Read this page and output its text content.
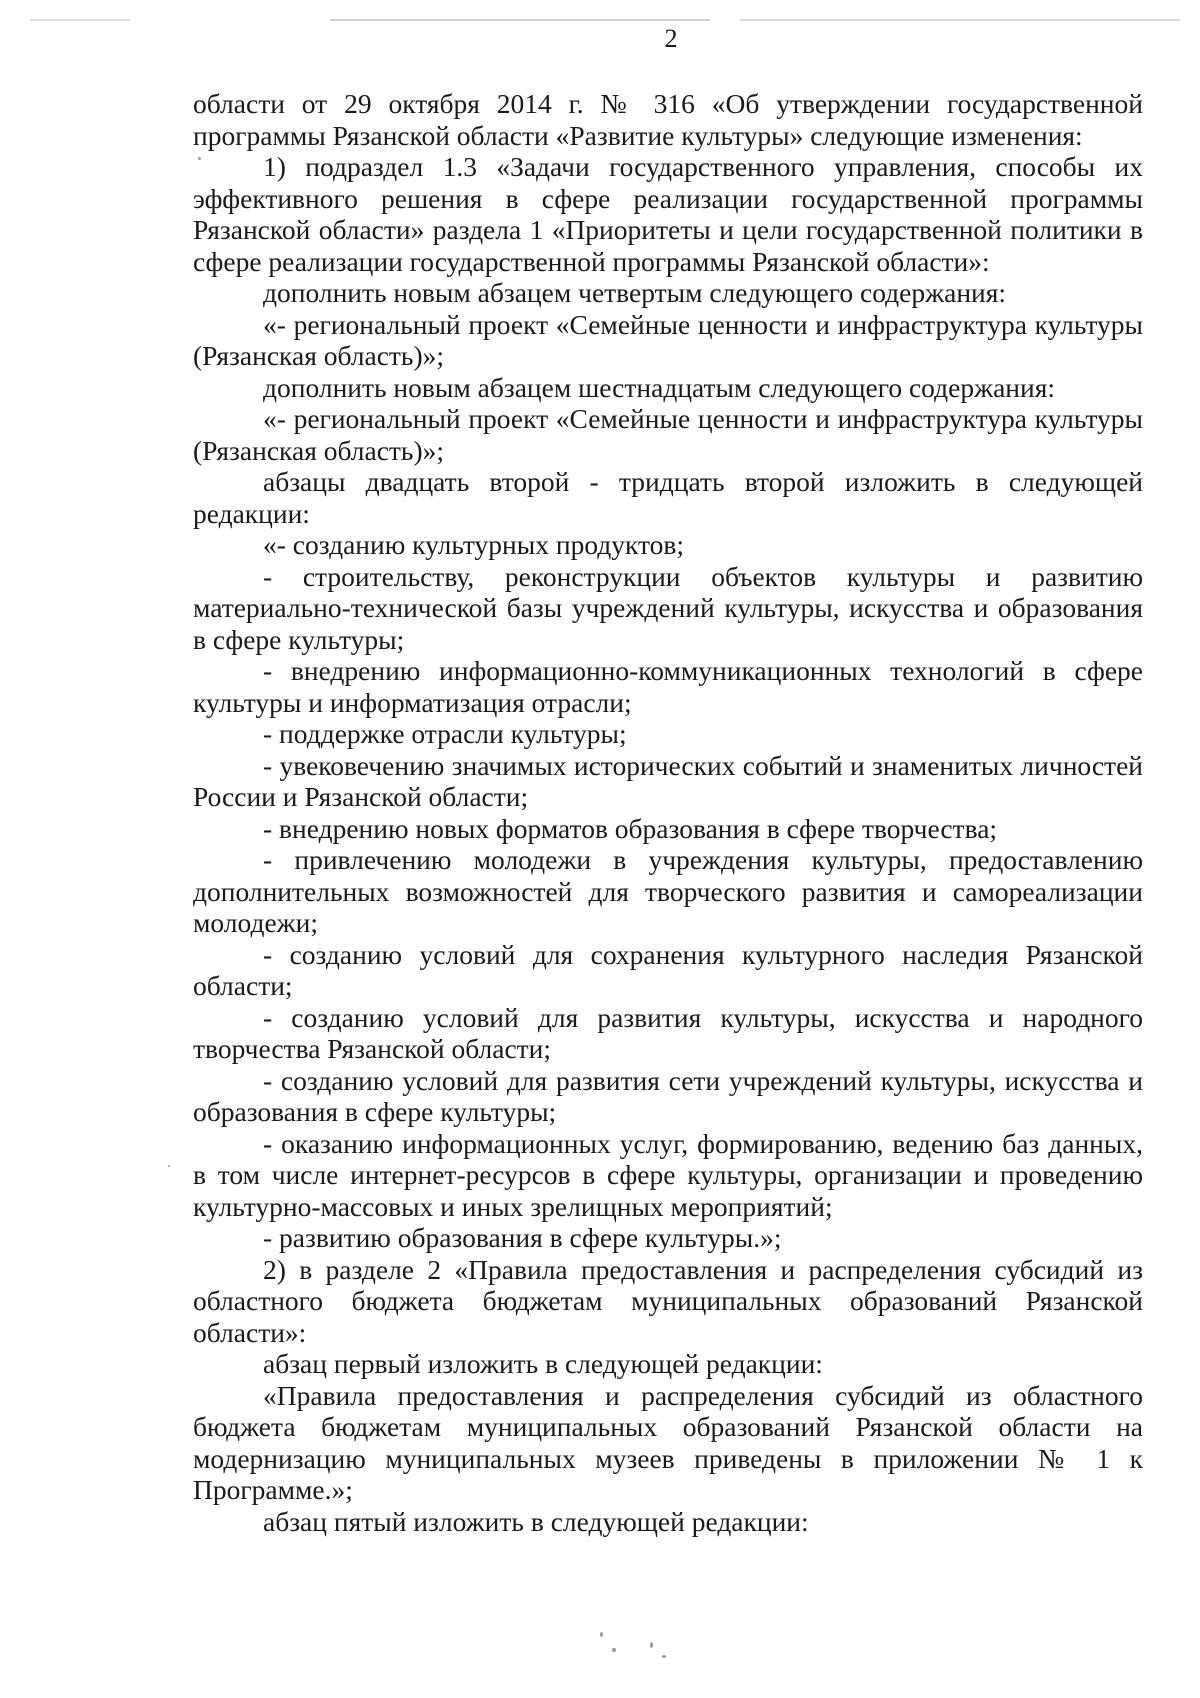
2

области от 29 октября 2014 г. № 316 «Об утверждении государственной программы Рязанской области «Развитие культуры» следующие изменения:

1) подраздел 1.3 «Задачи государственного управления, способы их эффективного решения в сфере реализации государственной программы Рязанской области» раздела 1 «Приоритеты и цели государственной политики в сфере реализации государственной программы Рязанской области»:

дополнить новым абзацем четвертым следующего содержания:

«- региональный проект «Семейные ценности и инфраструктура культуры (Рязанская область)»;

дополнить новым абзацем шестнадцатым следующего содержания:

«- региональный проект «Семейные ценности и инфраструктура культуры (Рязанская область)»;

абзацы двадцать второй - тридцать второй изложить в следующей редакции:

«- созданию культурных продуктов;

- строительству, реконструкции объектов культуры и развитию материально-технической базы учреждений культуры, искусства и образования в сфере культуры;

- внедрению информационно-коммуникационных технологий в сфере культуры и информатизация отрасли;

- поддержке отрасли культуры;

- увековечению значимых исторических событий и знаменитых личностей России и Рязанской области;

- внедрению новых форматов образования в сфере творчества;

- привлечению молодежи в учреждения культуры, предоставлению дополнительных возможностей для творческого развития и самореализации молодежи;

- созданию условий для сохранения культурного наследия Рязанской области;

- созданию условий для развития культуры, искусства и народного творчества Рязанской области;

- созданию условий для развития сети учреждений культуры, искусства и образования в сфере культуры;

- оказанию информационных услуг, формированию, ведению баз данных, в том числе интернет-ресурсов в сфере культуры, организации и проведению культурно-массовых и иных зрелищных мероприятий;

- развитию образования в сфере культуры.»;

2) в разделе 2 «Правила предоставления и распределения субсидий из областного бюджета бюджетам муниципальных образований Рязанской области»:

абзац первый изложить в следующей редакции:

«Правила предоставления и распределения субсидий из областного бюджета бюджетам муниципальных образований Рязанской области на модернизацию муниципальных музеев приведены в приложении № 1 к Программе.»;

абзац пятый изложить в следующей редакции:
